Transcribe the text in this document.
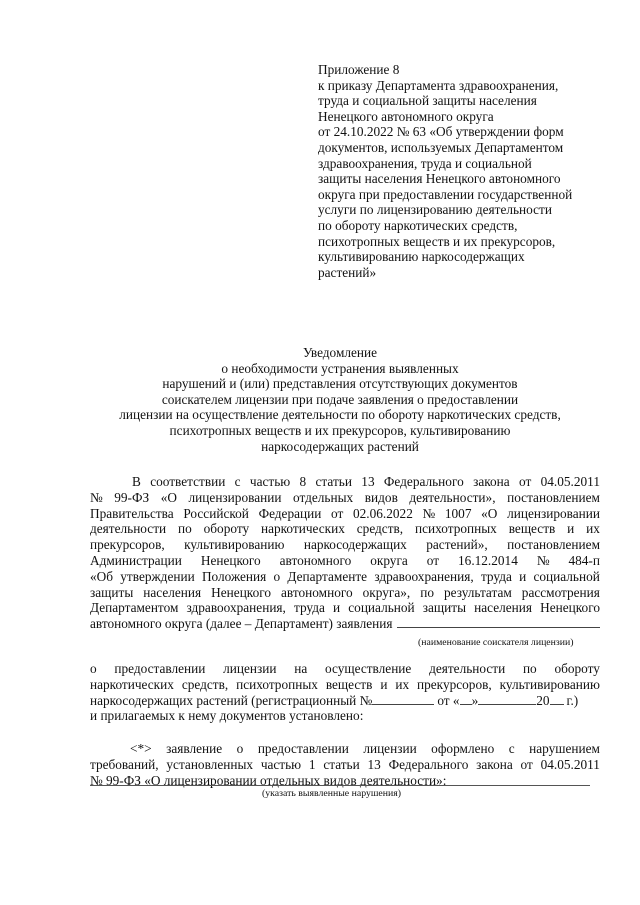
Приложение 8
к приказу Департамента здравоохранения,
труда и социальной защиты населения
Ненецкого автономного округа
от 24.10.2022 № 63 «Об утверждении форм
документов, используемых Департаментом
здравоохранения, труда и социальной
защиты населения Ненецкого автономного
округа при предоставлении государственной
услуги по лицензированию деятельности
по обороту наркотических средств,
психотропных веществ и их прекурсоров,
культивированию наркосодержащих
растений»
Уведомление
о необходимости устранения выявленных
нарушений и (или) представления отсутствующих документов
соискателем лицензии при подаче заявления о предоставлении
лицензии на осуществление деятельности по обороту наркотических средств,
психотропных веществ и их прекурсоров, культивированию
наркосодержащих растений
В соответствии с частью 8 статьи 13 Федерального закона от 04.05.2011
№ 99-ФЗ «О лицензировании отдельных видов деятельности», постановлением
Правительства Российской Федерации от 02.06.2022 № 1007 «О лицензировании
деятельности по обороту наркотических средств, психотропных веществ и их
прекурсоров, культивированию наркосодержащих растений», постановлением
Администрации Ненецкого автономного округа от 16.12.2014 № 484-п
«Об утверждении Положения о Департаменте здравоохранения, труда и социальной
защиты населения Ненецкого автономного округа», по результатам рассмотрения
Департаментом здравоохранения, труда и социальной защиты населения Ненецкого
автономного округа (далее – Департамент) заявления
(наименование соискателя лицензии)
о предоставлении лицензии на осуществление деятельности по обороту
наркотических средств, психотропных веществ и их прекурсоров, культивированию
наркосодержащих растений (регистрационный №	от « »	20 г.)
и прилагаемых к нему документов установлено:
<*> заявление о предоставлении лицензии оформлено с нарушением
требований, установленных частью 1 статьи 13 Федерального закона от 04.05.2011
№ 99-ФЗ «О лицензировании отдельных видов деятельности»:
(указать выявленные нарушения)
